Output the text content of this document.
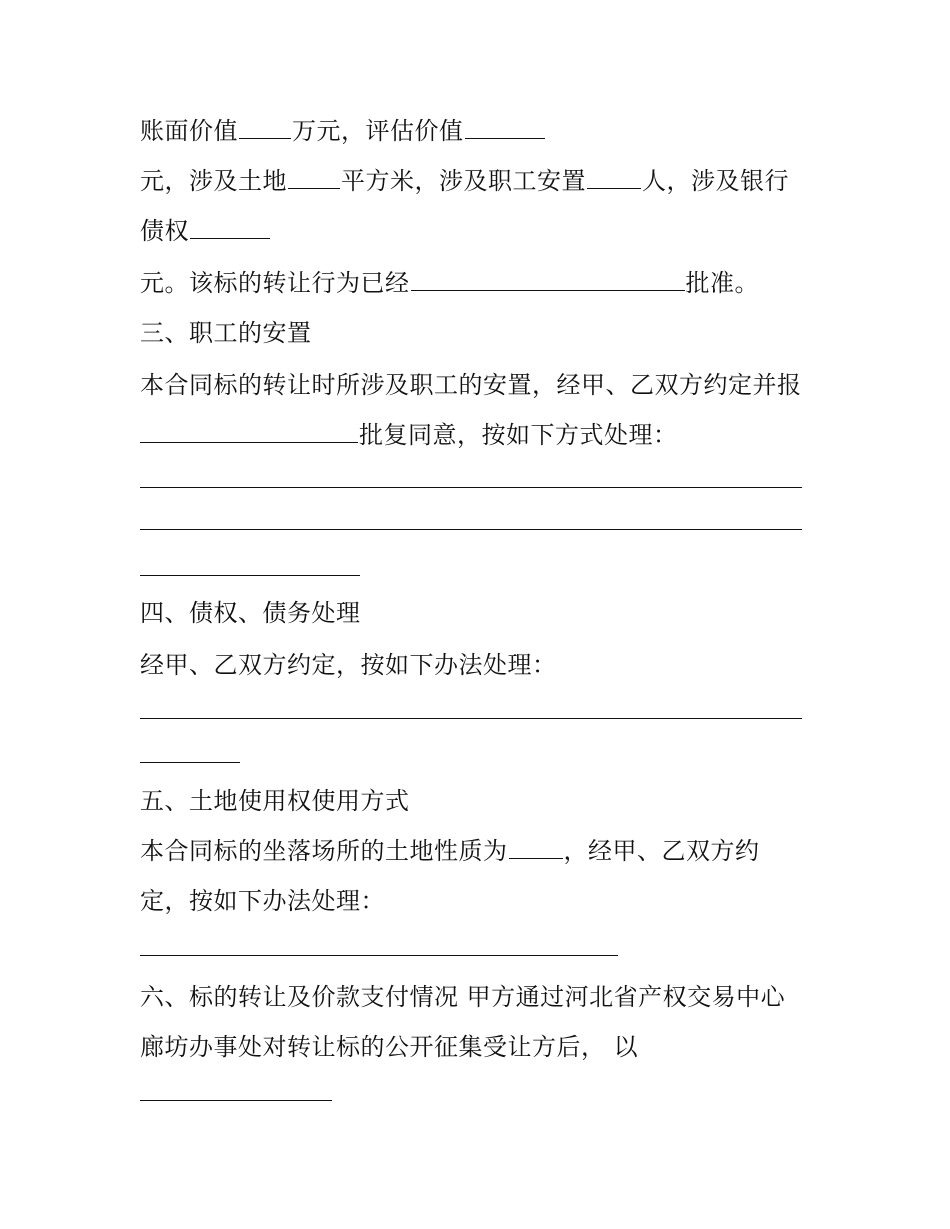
账面价值 万元，评估价值
元，涉及土地 平方米，涉及职工安置 人，涉及银行
债权
元。该标的转让行为已经	批准。
三、职工的安置
本合同标的转让时所涉及职工的安置，经甲、乙双方约定并报
批复同意，按如下方式处理：
四、债权、债务处理
经甲、乙双方约定，按如下办法处理：
五、土地使用权使用方式
本合同标的坐落场所的土地性质为 ，经甲、乙双方约
定，按如下办法处理：
六、标的转让及价款支付情况 甲方通过河北省产权交易中心
廊坊办事处对转让标的公开征集受让方后， 以
